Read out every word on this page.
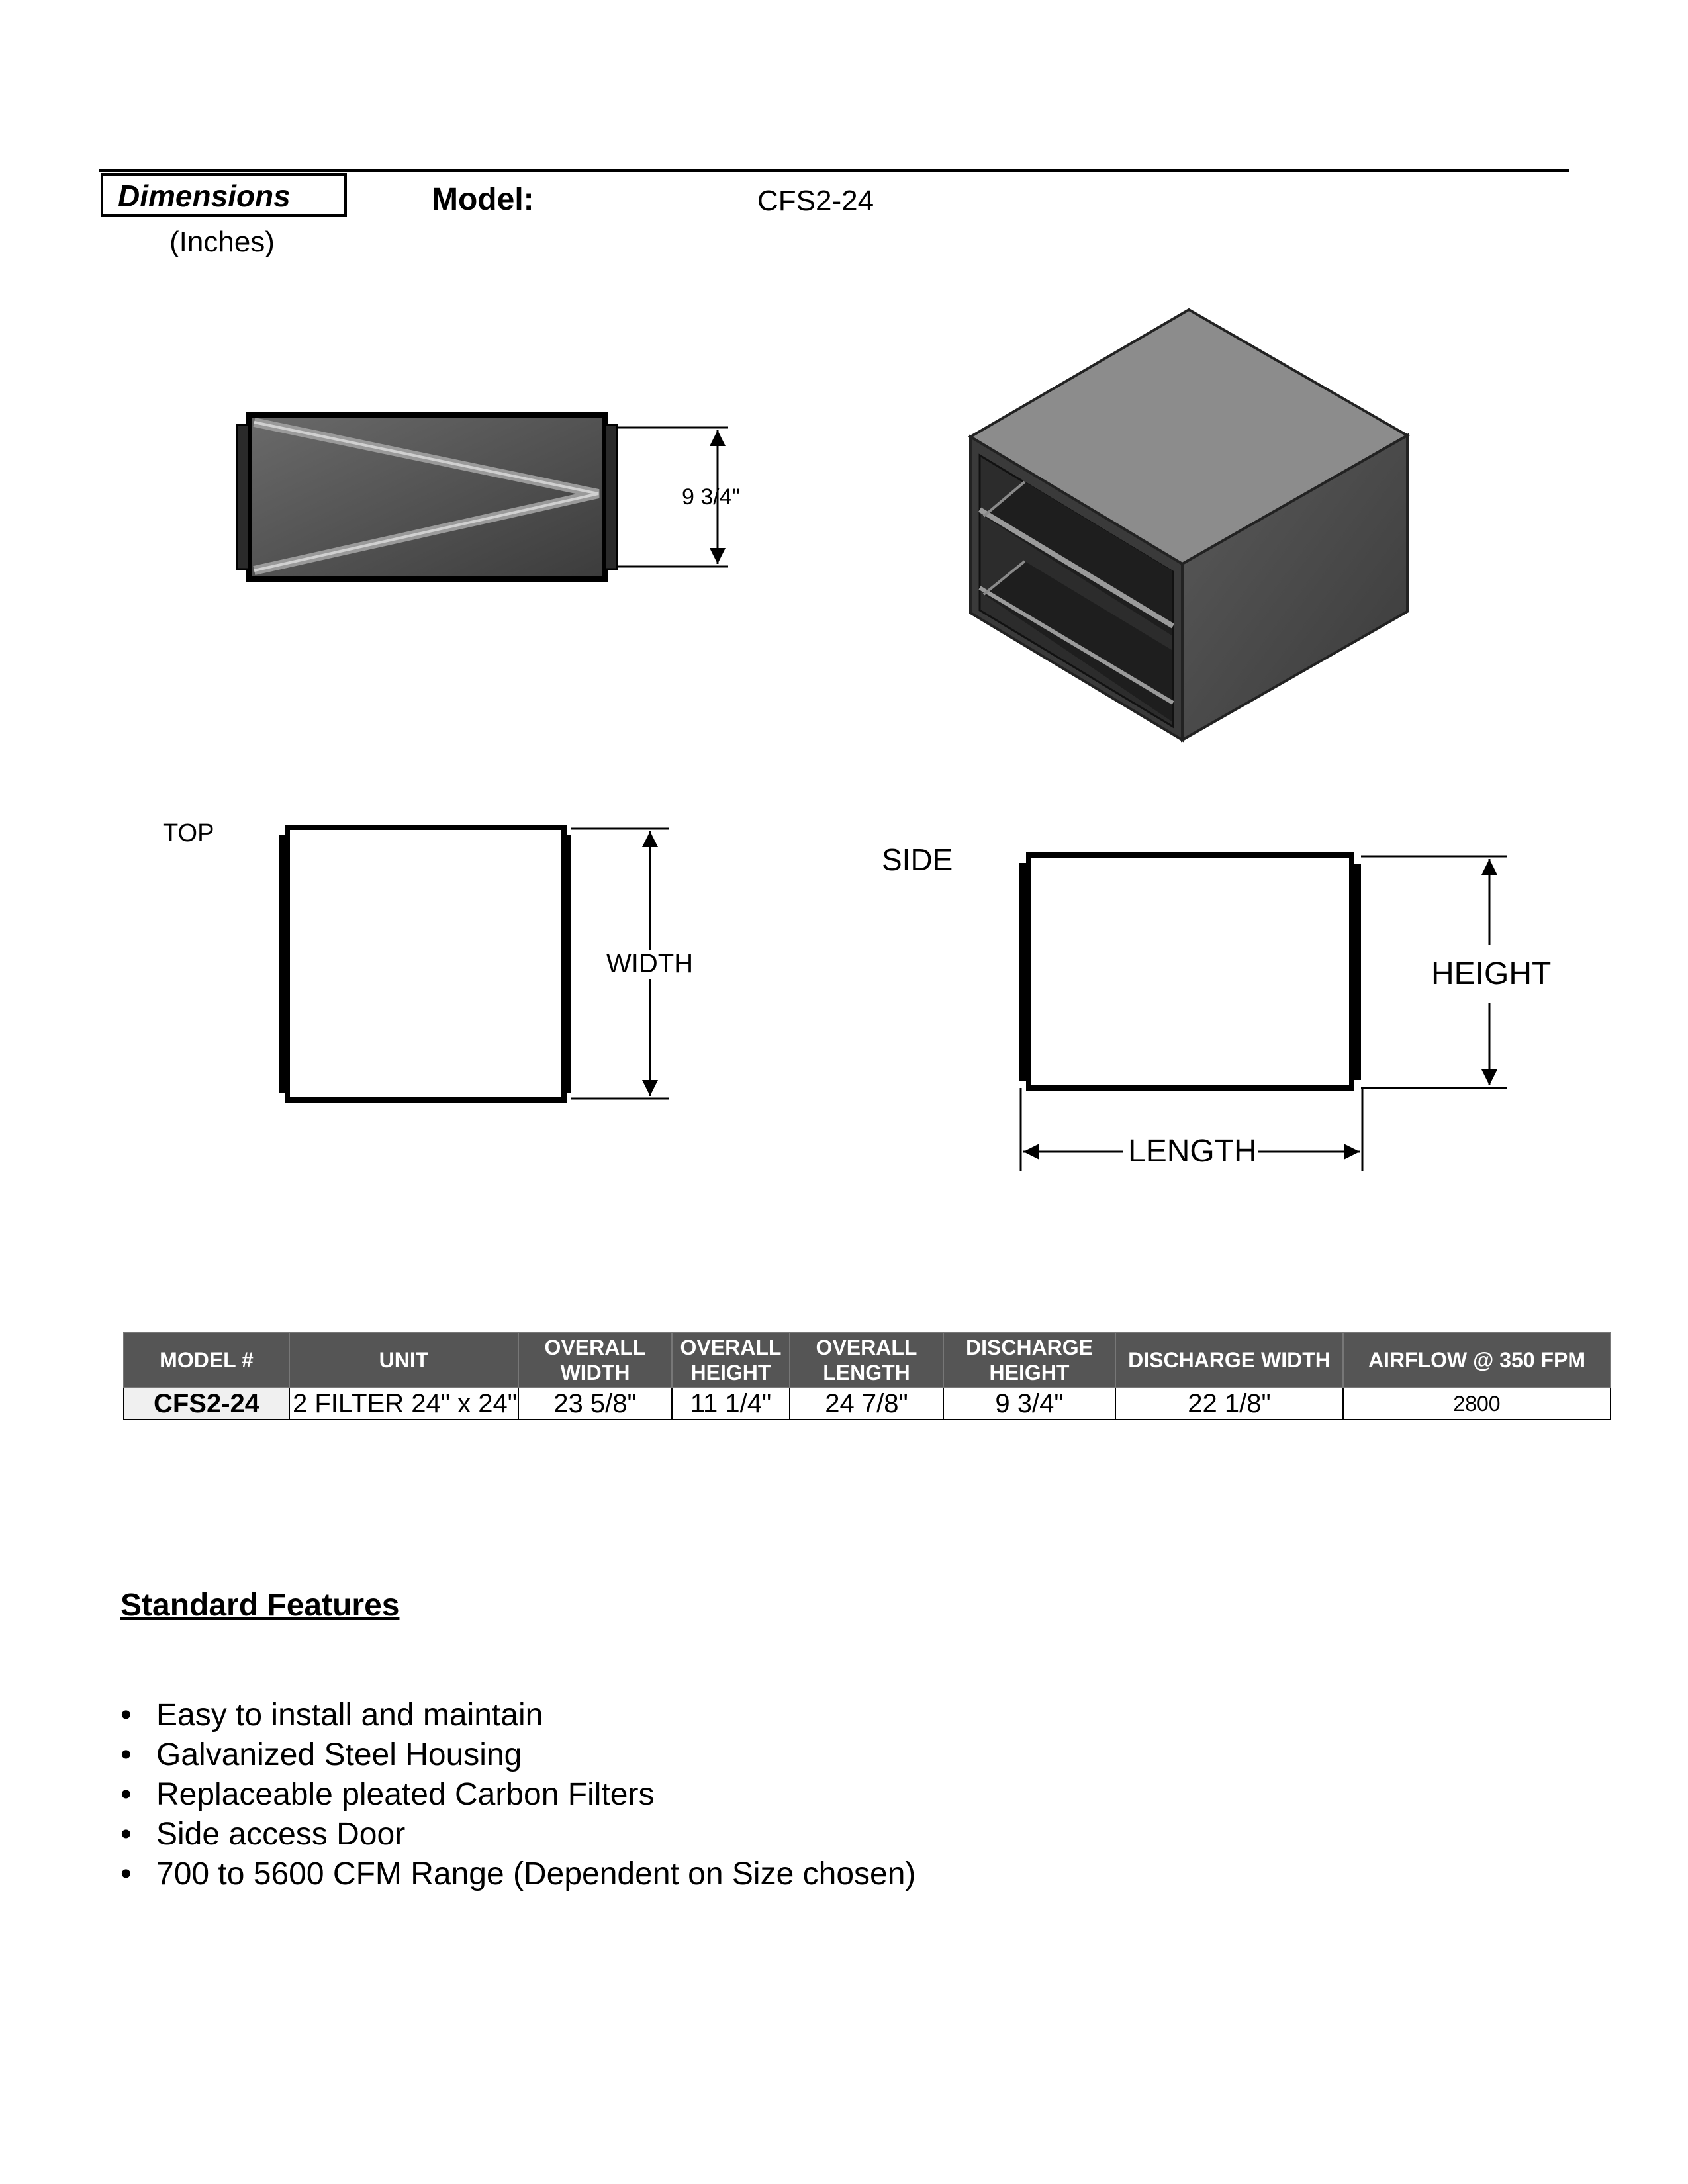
Dimensions
(Inches)
Model:	CFS2-24
9 3/4"
TOP
WIDTH
SIDE
HEIGHT
LENGTH
MODEL #	UNIT	OVERALL WIDTH	OVERALL HEIGHT	OVERALL LENGTH	DISCHARGE HEIGHT	DISCHARGE WIDTH	AIRFLOW @ 350 FPM
CFS2-24	2 FILTER 24" x 24"	23 5/8"	11 1/4"	24 7/8"	9 3/4"	22 1/8"	2800
Standard Features
• Easy to install and maintain
• Galvanized Steel Housing
• Replaceable pleated Carbon Filters
• Side access Door
• 700 to 5600 CFM Range (Dependent on Size chosen)
